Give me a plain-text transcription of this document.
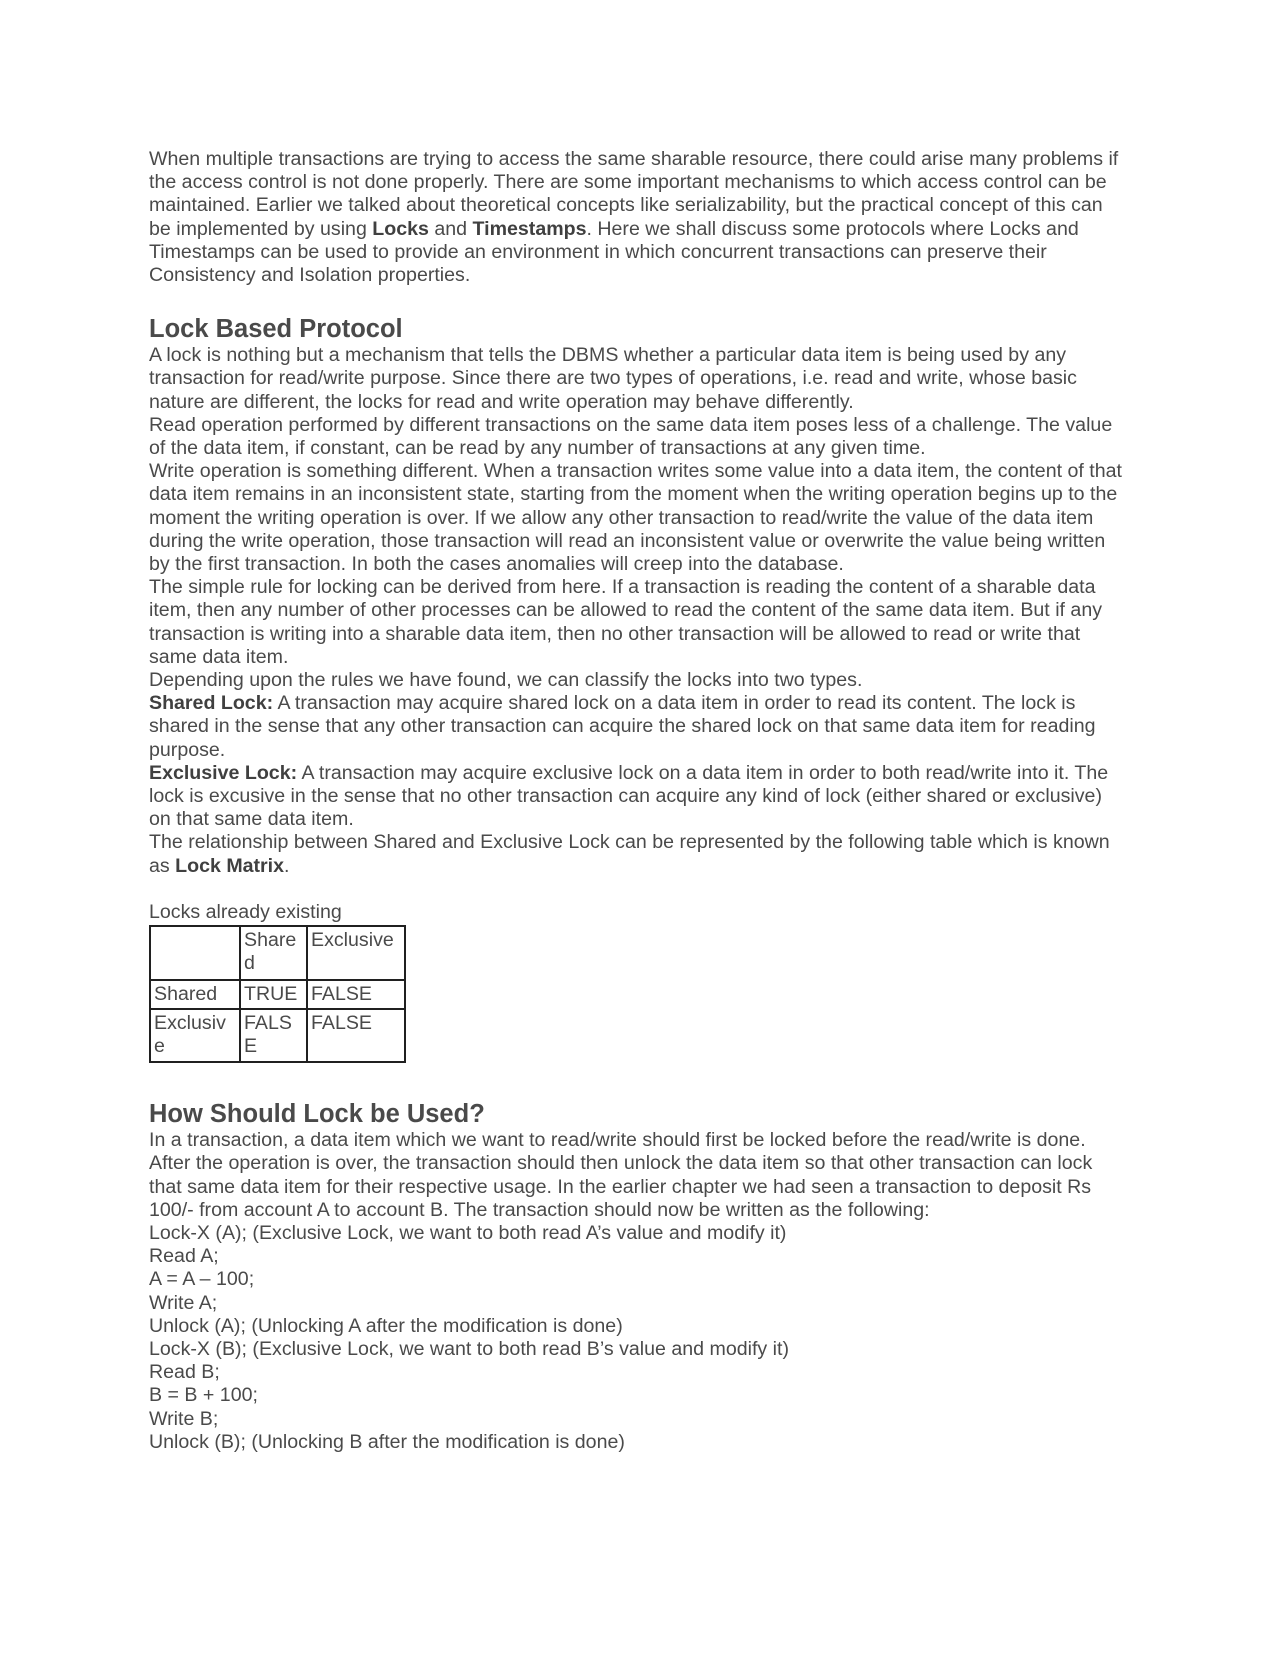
When multiple transactions are trying to access the same sharable resource, there could arise many problems if the access control is not done properly. There are some important mechanisms to which access control can be maintained. Earlier we talked about theoretical concepts like serializability, but the practical concept of this can be implemented by using Locks and Timestamps. Here we shall discuss some protocols where Locks and Timestamps can be used to provide an environment in which concurrent transactions can preserve their Consistency and Isolation properties.

Lock Based Protocol

A lock is nothing but a mechanism that tells the DBMS whether a particular data item is being used by any transaction for read/write purpose. Since there are two types of operations, i.e. read and write, whose basic nature are different, the locks for read and write operation may behave differently.

Read operation performed by different transactions on the same data item poses less of a challenge. The value of the data item, if constant, can be read by any number of transactions at any given time.

Write operation is something different. When a transaction writes some value into a data item, the content of that data item remains in an inconsistent state, starting from the moment when the writing operation begins up to the moment the writing operation is over. If we allow any other transaction to read/write the value of the data item during the write operation, those transaction will read an inconsistent value or overwrite the value being written by the first transaction. In both the cases anomalies will creep into the database.

The simple rule for locking can be derived from here. If a transaction is reading the content of a sharable data item, then any number of other processes can be allowed to read the content of the same data item. But if any transaction is writing into a sharable data item, then no other transaction will be allowed to read or write that same data item.

Depending upon the rules we have found, we can classify the locks into two types.

Shared Lock: A transaction may acquire shared lock on a data item in order to read its content. The lock is shared in the sense that any other transaction can acquire the shared lock on that same data item for reading purpose.

Exclusive Lock: A transaction may acquire exclusive lock on a data item in order to both read/write into it. The lock is excusive in the sense that no other transaction can acquire any kind of lock (either shared or exclusive) on that same data item.

The relationship between Shared and Exclusive Lock can be represented by the following table which is known as Lock Matrix.

Locks already existing

	Shared	Exclusive
Shared	TRUE	FALSE
Exclusive	FALSE	FALSE
How Should Lock be Used?

In a transaction, a data item which we want to read/write should first be locked before the read/write is done. After the operation is over, the transaction should then unlock the data item so that other transaction can lock that same data item for their respective usage. In the earlier chapter we had seen a transaction to deposit Rs 100/- from account A to account B. The transaction should now be written as the following:

Lock-X (A); (Exclusive Lock, we want to both read A’s value and modify it)

Read A;

A = A – 100;

Write A;

Unlock (A); (Unlocking A after the modification is done)

Lock-X (B); (Exclusive Lock, we want to both read B’s value and modify it)

Read B;

B = B + 100;

Write B;

Unlock (B); (Unlocking B after the modification is done)
